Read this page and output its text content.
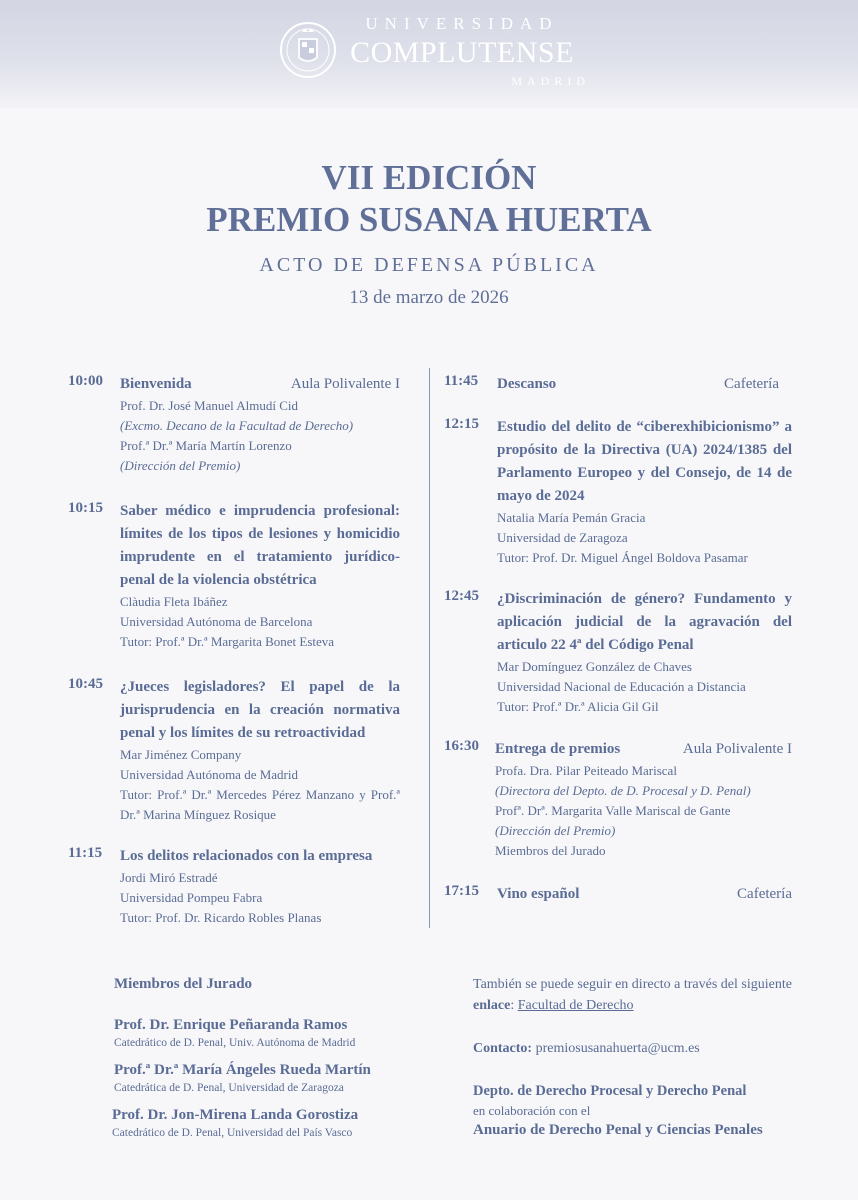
UNIVERSIDAD
COMPLUTENSE
MADRID
VII EDICIÓN
PREMIO SUSANA HUERTA
ACTO DE DEFENSA PÚBLICA
13 de marzo de 2026
10:00 Bienvenida	Aula Polivalente I
Prof. Dr. José Manuel Almudí Cid
(Excmo. Decano de la Facultad de Derecho)
Prof.ª Dr.ª María Martín Lorenzo
(Dirección del Premio)
10:15 Saber médico e imprudencia profesional: límites de los tipos de lesiones y homicidio imprudente en el tratamiento jurídico-penal de la violencia obstétrica
Clàudia Fleta Ibáñez
Universidad Autónoma de Barcelona
Tutor: Prof.ª Dr.ª Margarita Bonet Esteva
10:45 ¿Jueces legisladores? El papel de la jurisprudencia en la creación normativa penal y los límites de su retroactividad
Mar Jiménez Company
Universidad Autónoma de Madrid
Tutor: Prof.ª Dr.ª Mercedes Pérez Manzano y Prof.ª Dr.ª Marina Mínguez Rosique
11:15 Los delitos relacionados con la empresa
Jordi Miró Estradé
Universidad Pompeu Fabra
Tutor: Prof. Dr. Ricardo Robles Planas
11:45 Descanso	Cafetería
12:15 Estudio del delito de “ciberexhibicionismo” a propósito de la Directiva (UA) 2024/1385 del Parlamento Europeo y del Consejo, de 14 de mayo de 2024
Natalia María Pemán Gracia
Universidad de Zaragoza
Tutor: Prof. Dr. Miguel Ángel Boldova Pasamar
12:45 ¿Discriminación de género? Fundamento y aplicación judicial de la agravación del articulo 22 4ª del Código Penal
Mar Domínguez González de Chaves
Universidad Nacional de Educación a Distancia
Tutor: Prof.ª Dr.ª Alicia Gil Gil
16:30 Entrega de premios	Aula Polivalente I
Profa. Dra. Pilar Peiteado Mariscal
(Directora del Depto. de D. Procesal y D. Penal)
Profª. Drª. Margarita Valle Mariscal de Gante
(Dirección del Premio)
Miembros del Jurado
17:15 Vino español	Cafetería
Miembros del Jurado
Prof. Dr. Enrique Peñaranda Ramos
Catedrático de D. Penal, Univ. Autónoma de Madrid
Prof.ª Dr.ª María Ángeles Rueda Martín
Catedrática de D. Penal, Universidad de Zaragoza
Prof. Dr. Jon-Mirena Landa Gorostiza
Catedrático de D. Penal, Universidad del País Vasco
También se puede seguir en directo a través del siguiente enlace: Facultad de Derecho
Contacto: premiosusanahuerta@ucm.es
Depto. de Derecho Procesal y Derecho Penal
en colaboración con el
Anuario de Derecho Penal y Ciencias Penales
